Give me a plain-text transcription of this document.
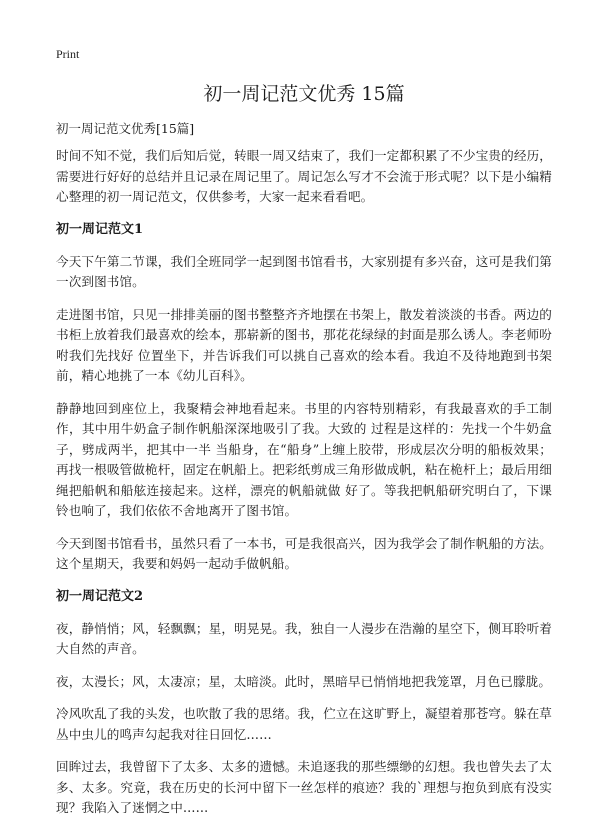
Print
初一周记范文优秀 15篇

初一周记范文优秀[15篇]

时间不知不觉，我们后知后觉，转眼一周又结束了，我们一定都积累了不少宝贵的经历，需要进行好好的总结并且记录在周记里了。周记怎么写才不会流于形式呢？以下是小编精心整理的初一周记范文，仅供参考，大家一起来看看吧。

初一周记范文1

今天下午第二节课，我们全班同学一起到图书馆看书，大家别提有多兴奋，这可是我们第一次到图书馆。

走进图书馆，只见一排排美丽的图书整整齐齐地摆在书架上，散发着淡淡的书香。两边的书柜上放着我们最喜欢的绘本，那崭新的图书，那花花绿绿的封面是那么诱人。李老师吩咐我们先找好 位置坐下，并告诉我们可以挑自己喜欢的绘本看。我迫不及待地跑到书架前，精心地挑了一本《幼儿百科》。

静静地回到座位上，我聚精会神地看起来。书里的内容特别精彩，有我最喜欢的手工制作，其中用牛奶盒子制作帆船深深地吸引了我。大致的 过程是这样的：先找一个牛奶盒子，劈成两半，把其中一半 当船身，在“船身”上缠上胶带，形成层次分明的船板效果；再找一根吸管做桅杆，固定在帆船上。把彩纸剪成三角形做成帆，粘在桅杆上；最后用细绳把船帆和船舷连接起来。这样，漂亮的帆船就做 好了。等我把帆船研究明白了，下课铃也响了，我们依依不舍地离开了图书馆。

今天到图书馆看书，虽然只看了一本书，可是我很高兴，因为我学会了制作帆船的方法。这个星期天，我要和妈妈一起动手做帆船。

初一周记范文2

夜，静悄悄；风，轻飘飘；星，明晃晃。我，独自一人漫步在浩瀚的星空下，侧耳聆听着大自然的声音。

夜，太漫长；风，太凄凉；星，太暗淡。此时，黑暗早已悄悄地把我笼罩，月色已朦胧。

冷风吹乱了我的头发，也吹散了我的思绪。我，伫立在这旷野上，凝望着那苍穹。躲在草丛中虫儿的鸣声勾起我对往日回忆……

回眸过去，我曾留下了太多、太多的遗憾。未追逐我的那些缥缈的幻想。我也曾失去了太多、太多。究竟，我在历史的长河中留下一丝怎样的痕迹？我的`理想与抱负到底有没实现？我陷入了迷惘之中……
